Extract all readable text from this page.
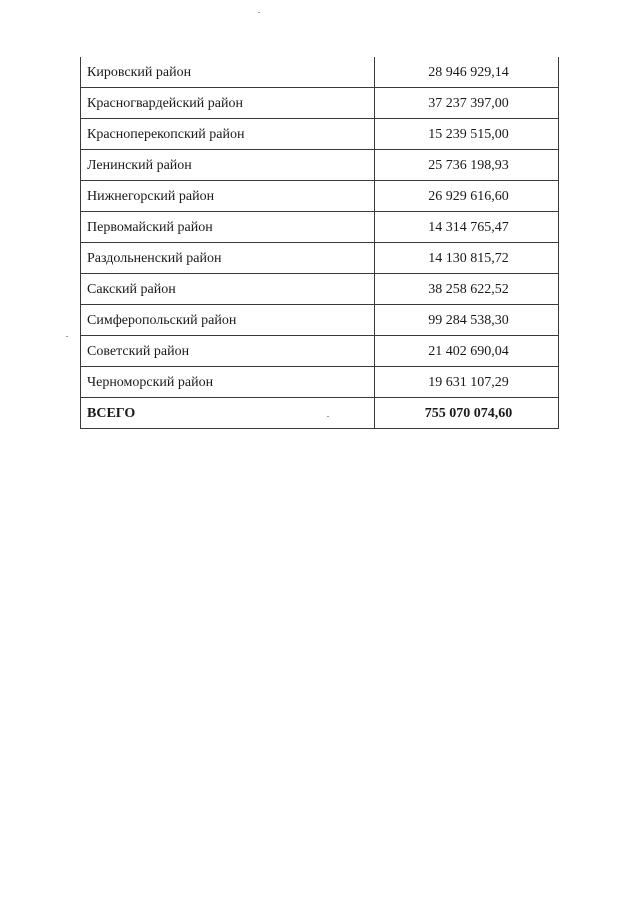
Кировский район	28 946 929,14
Красногвардейский район	37 237 397,00
Красноперекопский район	15 239 515,00
Ленинский район	25 736 198,93
Нижнегорский район	26 929 616,60
Первомайский район	14 314 765,47
Раздольненский район	14 130 815,72
Сакский район	38 258 622,52
Симферопольский район	99 284 538,30
Советский район	21 402 690,04
Черноморский район	19 631 107,29
ВСЕГО	755 070 074,60
